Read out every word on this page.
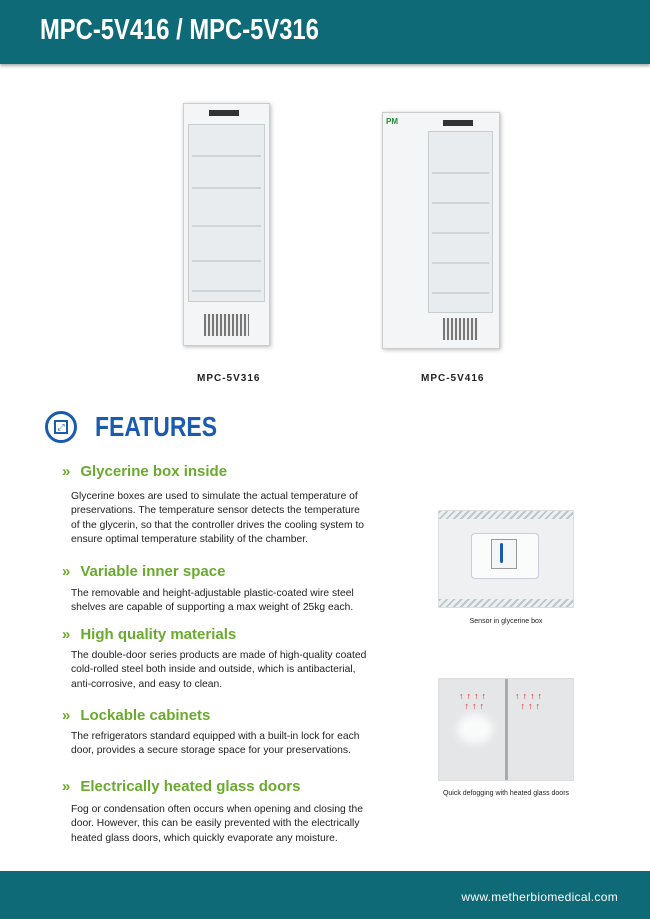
MPC-5V416 / MPC-5V316
PM
MPC-5V316	MPC-5V416
⤢ FEATURES
» Glycerine box inside

Glycerine boxes are used to simulate the actual temperature of preservations. The temperature sensor detects the temperature of the glycerin, so that the controller drives the cooling system to ensure optimal temperature stability of the chamber.

» Variable inner space

The removable and height-adjustable plastic-coated wire steel shelves are capable of supporting a max weight of 25kg each.

» High quality materials

The double-door series products are made of high-quality coated cold-rolled steel both inside and outside, which is antibacterial, anti-corrosive, and easy to clean.

» Lockable cabinets

The refrigerators standard equipped with a built-in lock for each door, provides a secure storage space for your preservations.

» Electrically heated glass doors

Fog or condensation often occurs when opening and closing the door. However, this can be easily prevented with the electrically heated glass doors, which quickly evaporate any moisture.

Sensor in glycerine box
↑↑↑↑
↑↑↑
↑↑↑↑
↑↑↑
Quick defogging with heated glass doors
www.metherbiomedical.com
